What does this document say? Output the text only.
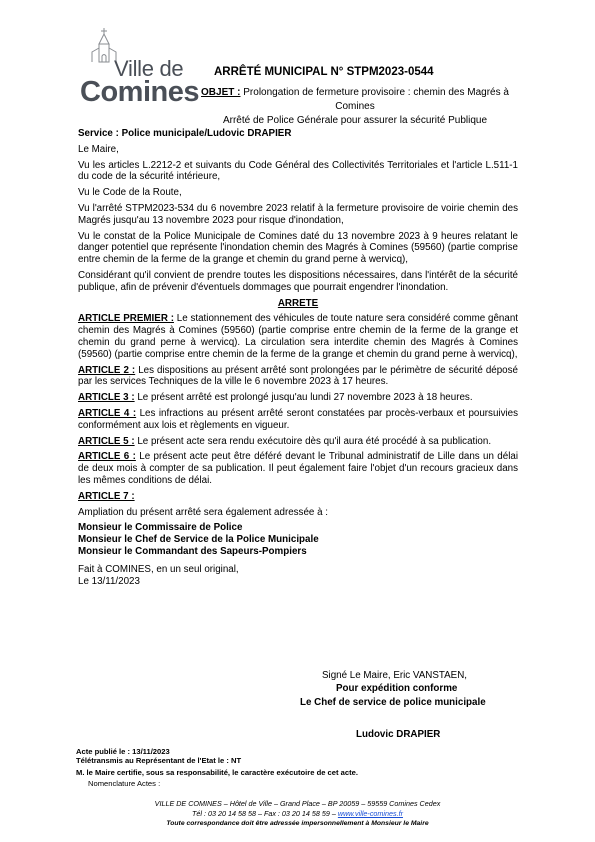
Ville de
Comines
ARRÊTÉ MUNICIPAL N° STPM2023-0544
OBJET : Prolongation de fermeture provisoire : chemin des Magrés à Comines
Arrêté de Police Générale pour assurer la sécurité Publique

Service : Police municipale/Ludovic DRAPIER

Le Maire,

Vu les articles L.2212-2 et suivants du Code Général des Collectivités Territoriales et l'article L.511-1 du code de la sécurité intérieure,

Vu le Code de la Route,

Vu l'arrêté STPM2023-534 du 6 novembre 2023 relatif à la fermeture provisoire de voirie chemin des Magrés jusqu'au 13 novembre 2023 pour risque d'inondation,

Vu le constat de la Police Municipale de Comines daté du 13 novembre 2023 à 9 heures relatant le danger potentiel que représente l'inondation chemin des Magrés à Comines (59560) (partie comprise entre chemin de la ferme de la grange et chemin du grand perne à wervicq),

Considérant qu'il convient de prendre toutes les dispositions nécessaires, dans l'intérêt de la sécurité publique, afin de prévenir d'éventuels dommages que pourrait engendrer l'inondation.

ARRETE

ARTICLE PREMIER : Le stationnement des véhicules de toute nature sera considéré comme gênant chemin des Magrés à Comines (59560) (partie comprise entre chemin de la ferme de la grange et chemin du grand perne à wervicq). La circulation sera interdite chemin des Magrés à Comines (59560) (partie comprise entre chemin de la ferme de la grange et chemin du grand perne à wervicq),

ARTICLE 2 : Les dispositions au présent arrêté sont prolongées par le périmètre de sécurité déposé par les services Techniques de la ville le 6 novembre 2023 à 17 heures.

ARTICLE 3 : Le présent arrêté est prolongé jusqu'au lundi 27 novembre 2023 à 18 heures.

ARTICLE 4 : Les infractions au présent arrêté seront constatées par procès-verbaux et poursuivies conformément aux lois et règlements en vigueur.

ARTICLE 5 : Le présent acte sera rendu exécutoire dès qu'il aura été procédé à sa publication.

ARTICLE 6 : Le présent acte peut être déféré devant le Tribunal administratif de Lille dans un délai de deux mois à compter de sa publication. Il peut également faire l'objet d'un recours gracieux dans les mêmes conditions de délai.

ARTICLE 7 :

Ampliation du présent arrêté sera également adressée à :

Monsieur le Commissaire de Police

Monsieur le Chef de Service de la Police Municipale

Monsieur le Commandant des Sapeurs-Pompiers

Fait à COMINES, en un seul original,

Le 13/11/2023

Signé Le Maire, Eric VANSTAEN,
Pour expédition conforme
Le Chef de service de police municipale
Ludovic DRAPIER
Acte publié le : 13/11/2023
Télétransmis au Représentant de l'Etat le : NT
M. le Maire certifie, sous sa responsabilité, le caractère exécutoire de cet acte.
Nomenclature Actes :
VILLE DE COMINES – Hôtel de Ville – Grand Place – BP 20059 – 59559 Comines Cedex
Tél : 03 20 14 58 58 – Fax : 03 20 14 58 59 – www.ville-comines.fr
Toute correspondance doit être adressée impersonnellement à Monsieur le Maire
